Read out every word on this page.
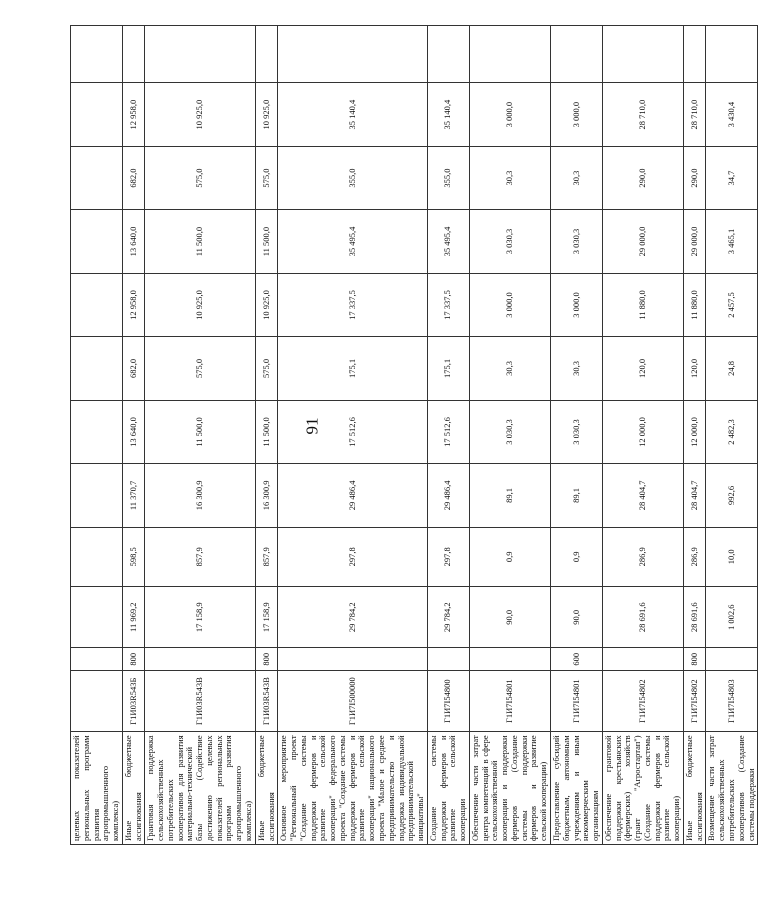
91
целевых показателей региональных программ развития агропромышленного комплекса)												
Иные бюджетные ассигнования	Г1И03R543Б	800	11 969,2	598,5	11 370,7	13 640,0	682,0	12 958,0	13 640,0	682,0	12 958,0	
Грантовая поддержка сельскохозяйственных потребительских кооперативов для развития материально-технической базы (Содействие достижению целевых показателей региональных программ развития агропромышленного комплекса)	Г1И03R543В		17 158,9	857,9	16 300,9	11 500,0	575,0	10 925,0	11 500,0	575,0	10 925,0	
Иные бюджетные ассигнования	Г1И03R543В	800	17 158,9	857,9	16 300,9	11 500,0	575,0	10 925,0	11 500,0	575,0	10 925,0	
Основное мероприятие "Региональный проект "Создание системы поддержки фермеров и развитие сельской кооперации" федерального проекта "Создание системы поддержки фермеров и развитие сельской кооперации" национального проекта "Малое и среднее предпринимательство и поддержка индивидуальной предпринимательской инициативы"	Г1И7I500000		29 784,2	297,8	29 486,4	17 512,6	175,1	17 337,5	35 495,4	355,0	35 140,4	
Создание системы поддержки фермеров и развитие сельской кооперации	Г1И7I54800		29 784,2	297,8	29 486,4	17 512,6	175,1	17 337,5	35 495,4	355,0	35 140,4	
Обеспечение части затрат центра компетенций в сфере сельскохозяйственной кооперации и поддержки фермеров (Создание системы поддержки фермеров и развитие сельской кооперации)	Г1И7I54801		90,0	0,9	89,1	3 030,3	30,3	3 000,0	3 030,3	30,3	3 000,0	
Предоставление субсидий бюджетным, автономным учреждениям и иным некоммерческим организациям	Г1И7I54801	600	90,0	0,9	89,1	3 030,3	30,3	3 000,0	3 030,3	30,3	3 000,0	
Обеспечение грантовой поддержки крестьянских (фермерских) хозяйств (грант "Агростартап") (Создание системы поддержки фермеров и развитие сельской кооперации)	Г1И7I54802		28 691,6	286,9	28 404,7	12 000,0	120,0	11 880,0	29 000,0	290,0	28 710,0	
Иные бюджетные ассигнования	Г1И7I54802	800	28 691,6	286,9	28 404,7	12 000,0	120,0	11 880,0	29 000,0	290,0	28 710,0	
Возмещение части затрат сельскохозяйственных потребительских кооперативов (Создание системы поддержки	Г1И7I54803		1 002,6	10,0	992,6	2 482,3	24,8	2 457,5	3 465,1	34,7	3 430,4	
